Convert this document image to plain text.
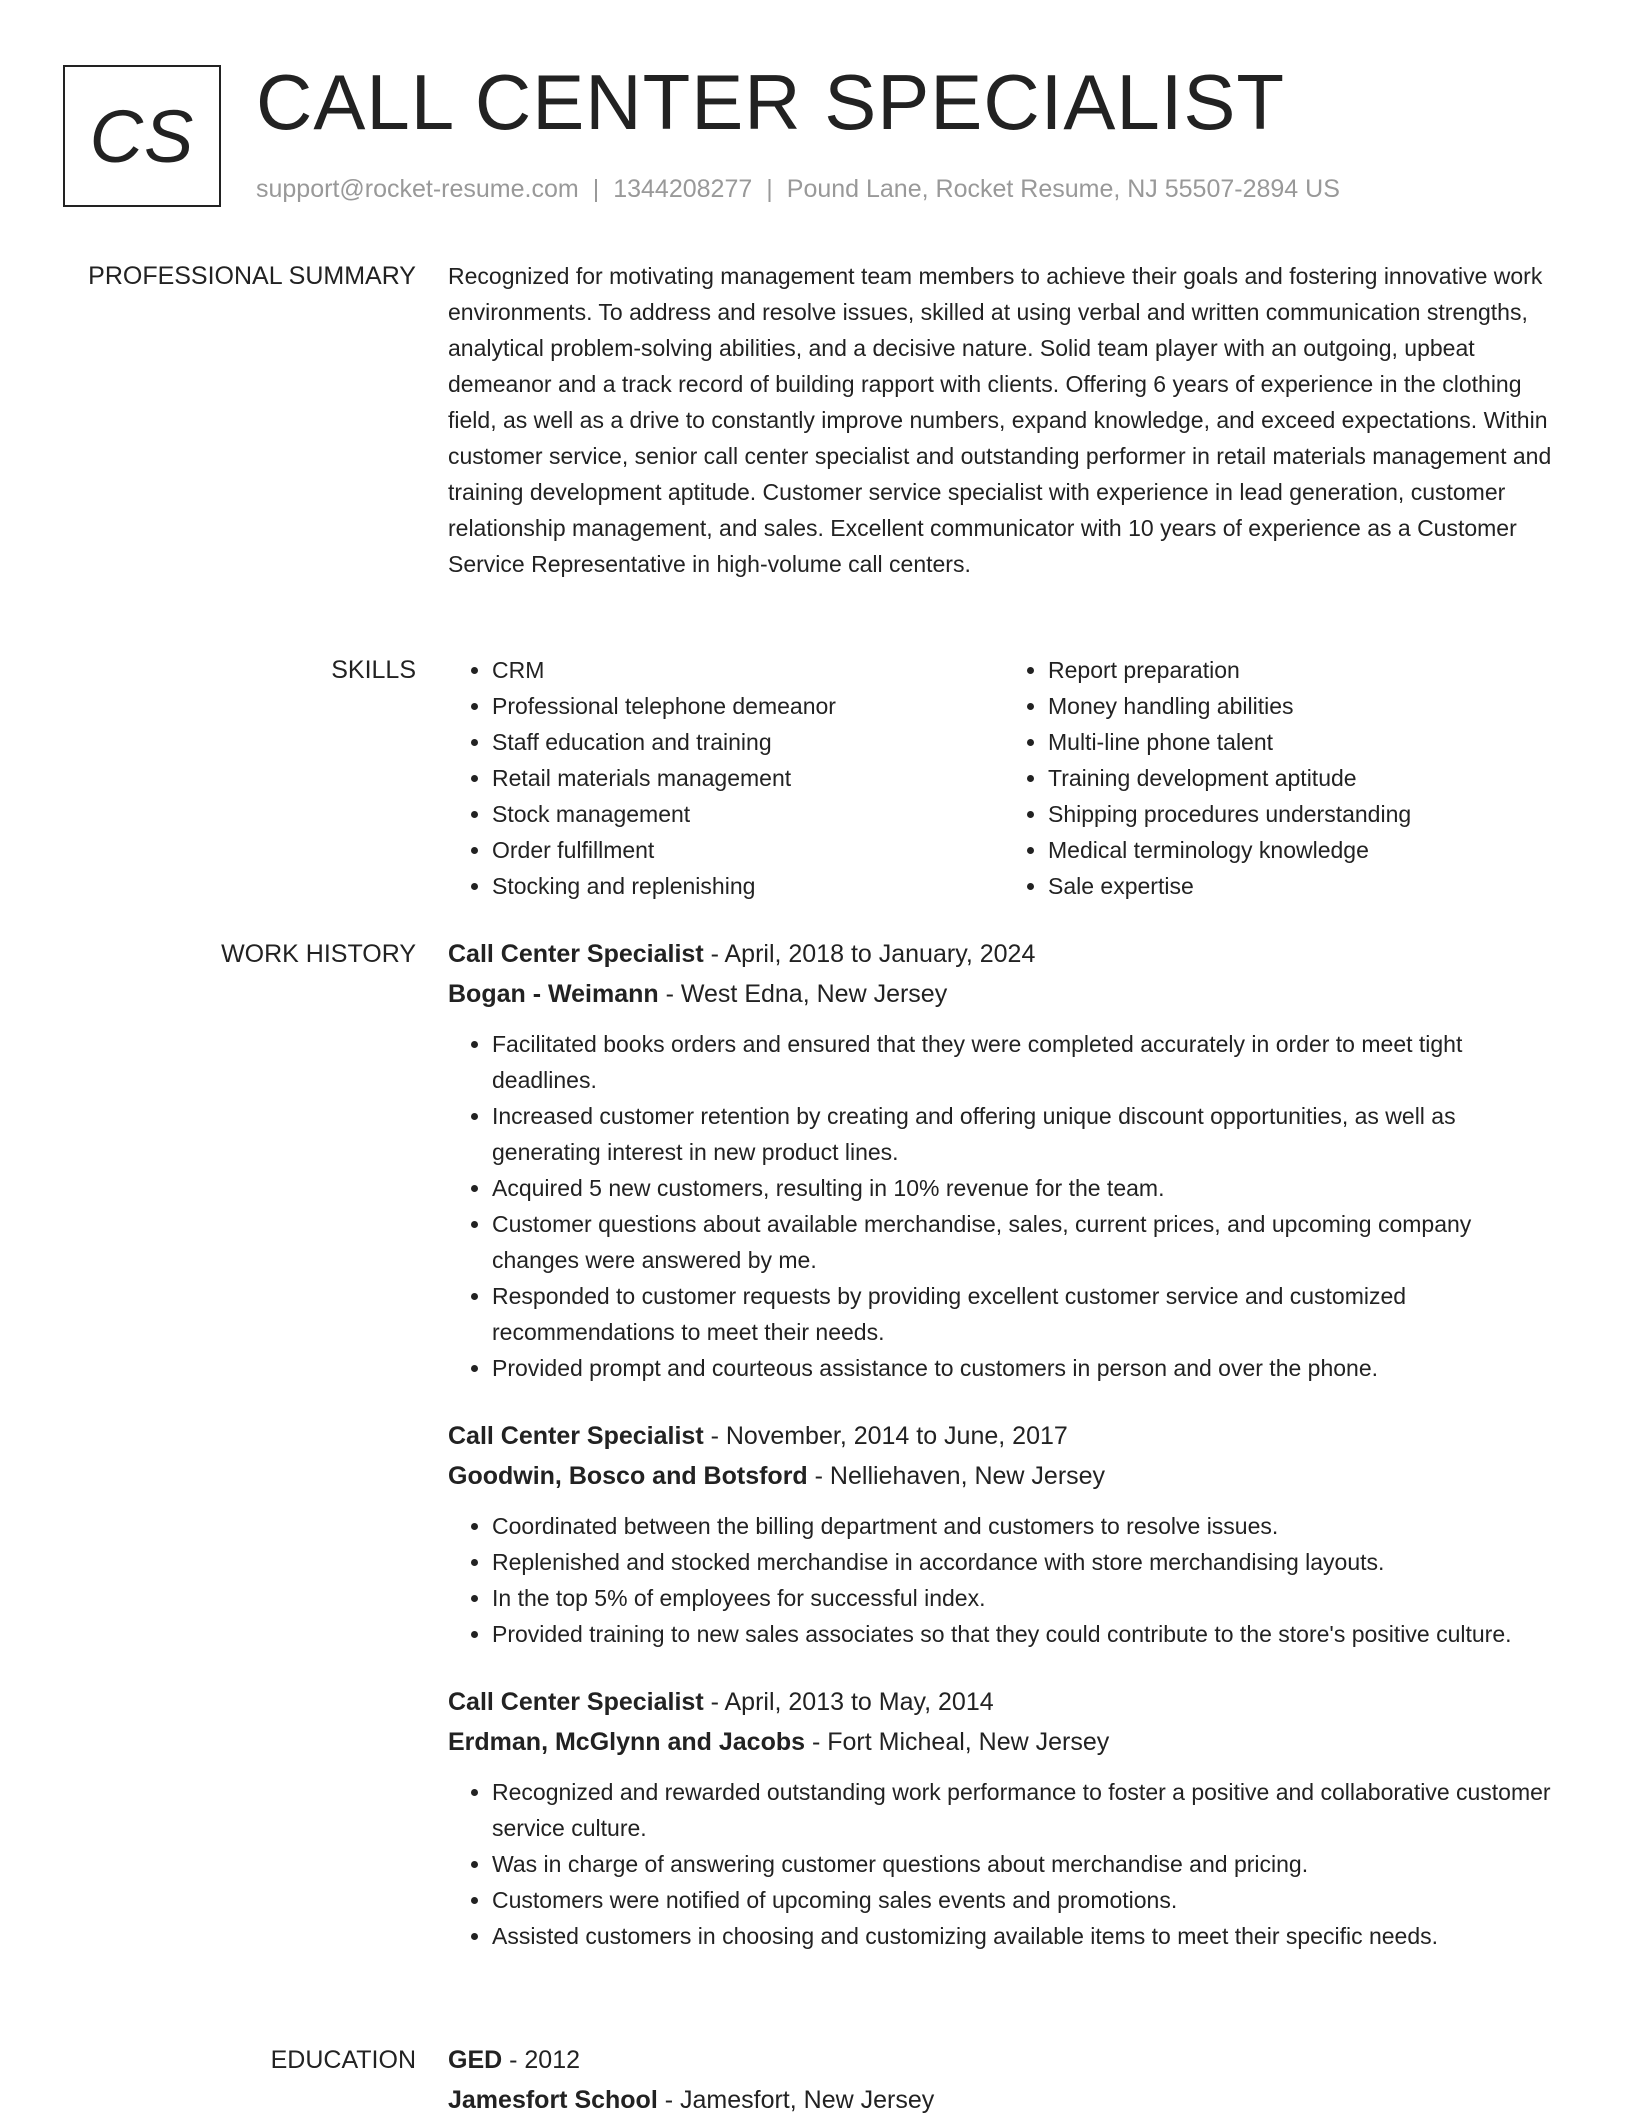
CS CALL CENTER SPECIALIST
support@rocket-resume.com | 1344208277 | Pound Lane, Rocket Resume, NJ 55507-2894 US
PROFESSIONAL SUMMARY Recognized for motivating management team members to achieve their goals and fostering innovative work environments. To address and resolve issues, skilled at using verbal and written communication strengths, analytical problem-solving abilities, and a decisive nature. Solid team player with an outgoing, upbeat demeanor and a track record of building rapport with clients. Offering 6 years of experience in the clothing field, as well as a drive to constantly improve numbers, expand knowledge, and exceed expectations. Within customer service, senior call center specialist and outstanding performer in retail materials management and training development aptitude. Customer service specialist with experience in lead generation, customer relationship management, and sales. Excellent communicator with 10 years of experience as a Customer Service Representative in high-volume call centers.

SKILLS
•	CRM
• Professional telephone demeanor
• Staff education and training
• Retail materials management
• Stock management
• Order fulfillment
• Stocking and replenishing
• Report preparation
• Money handling abilities
• Multi-line phone talent
• Training development aptitude
• Shipping procedures understanding
• Medical terminology knowledge
• Sale expertise
WORK HISTORY Call Center Specialist - April, 2018 to January, 2024
Bogan - Weimann - West Edna, New Jersey
• Facilitated books orders and ensured that they were completed accurately in order to meet tight deadlines.
• Increased customer retention by creating and offering unique discount opportunities, as well as generating interest in new product lines.
• Acquired 5 new customers, resulting in 10% revenue for the team.
• Customer questions about available merchandise, sales, current prices, and upcoming company changes were answered by me.
• Responded to customer requests by providing excellent customer service and customized recommendations to meet their needs.
• Provided prompt and courteous assistance to customers in person and over the phone.
Call Center Specialist - November, 2014 to June, 2017
Goodwin, Bosco and Botsford - Nelliehaven, New Jersey
• Coordinated between the billing department and customers to resolve issues.
• Replenished and stocked merchandise in accordance with store merchandising layouts.
• In the top 5% of employees for successful index.
• Provided training to new sales associates so that they could contribute to the store's positive culture.
Call Center Specialist - April, 2013 to May, 2014
Erdman, McGlynn and Jacobs - Fort Micheal, New Jersey
• Recognized and rewarded outstanding work performance to foster a positive and collaborative customer service culture.
• Was in charge of answering customer questions about merchandise and pricing.
• Customers were notified of upcoming sales events and promotions.
• Assisted customers in choosing and customizing available items to meet their specific needs.
EDUCATION GED - 2012
Jamesfort School - Jamesfort, New Jersey
